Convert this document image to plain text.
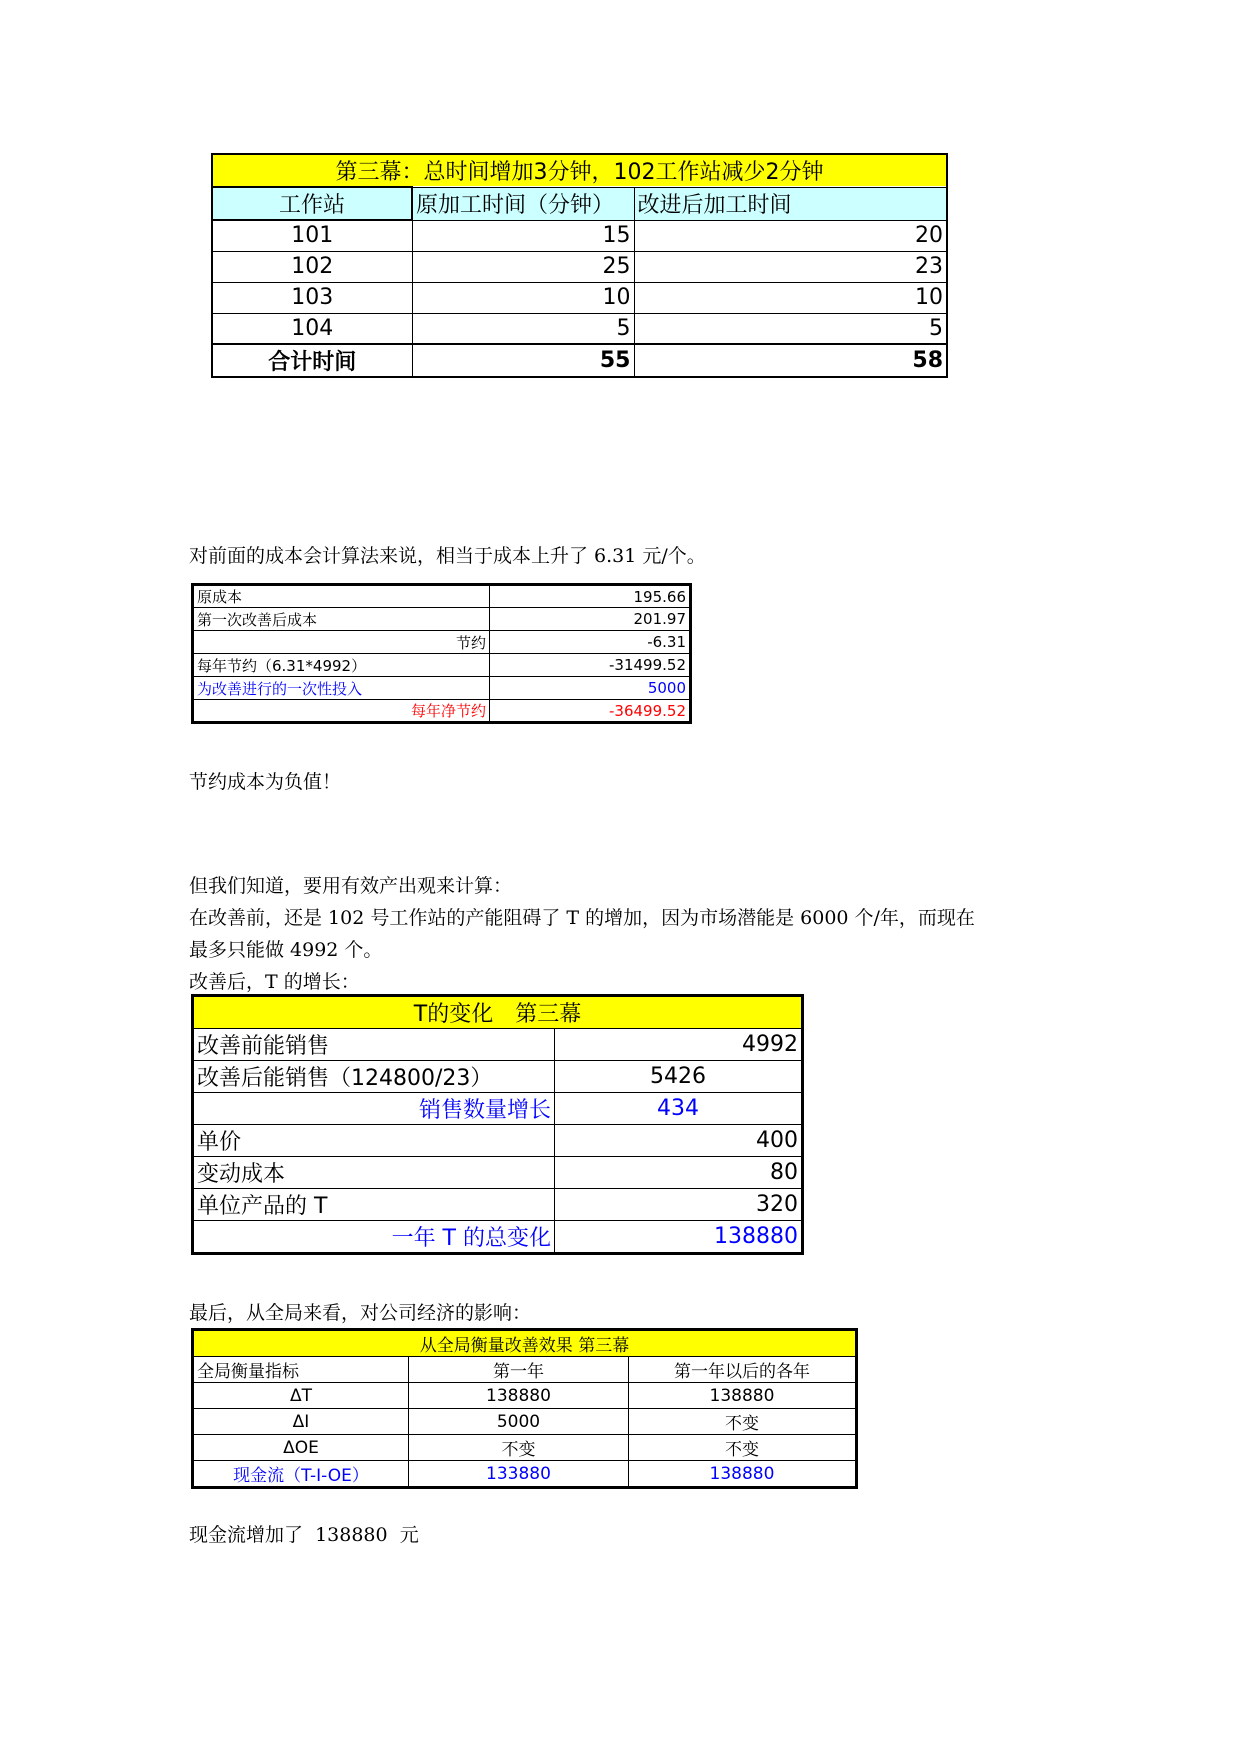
第三幕：总时间增加3分钟，102工作站减少2分钟		
工作站	原加工时间（分钟）	改进后加工时间
101	15	20
102	25	23
103	10	10
104	5	5
合计时间	55	58
对前面的成本会计算法来说，相当于成本上升了 6.31 元/个。
原成本	195.66
第一次改善后成本	201.97
节约	-6.31
每年节约（6.31*4992）	-31499.52
为改善进行的一次性投入	5000
每年净节约	-36499.52
节约成本为负值！
但我们知道，要用有效产出观来计算：
在改善前，还是 102 号工作站的产能阻碍了 T 的增加，因为市场潜能是 6000 个/年，而现在
最多只能做 4992 个。
改善后，T 的增长：
T的变化　第三幕	
改善前能销售	4992
改善后能销售（124800/23）	5426
销售数量增长	434
单价	400
变动成本	80
单位产品的 T	320
一年 T 的总变化	138880
最后，从全局来看，对公司经济的影响：
从全局衡量改善效果 第三幕		
全局衡量指标	第一年	第一年以后的各年
ΔT	138880	138880
ΔI	5000	不变
ΔOE	不变	不变
现金流（T-I-OE）	133880	138880
现金流增加了  138880  元
